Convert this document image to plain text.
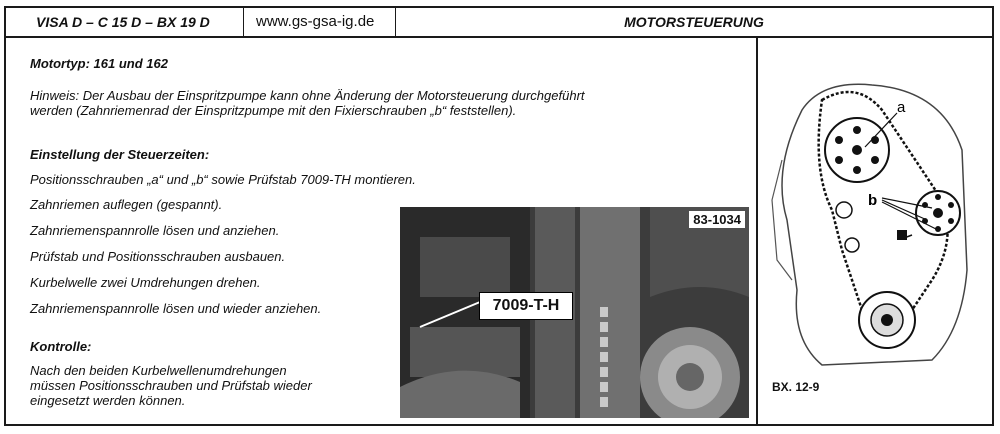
VISA D – C 15 D – BX 19 D	www.gs-gsa-ig.de	MOTORSTEUERUNG
Motortyp: 161 und 162
Hinweis: Der Ausbau der Einspritzpumpe kann ohne Änderung der Motorsteuerung durchgeführt
werden (Zahnriemenrad der Einspritzpumpe mit den Fixierschrauben „b“ feststellen).
Einstellung der Steuerzeiten:
Positionsschrauben „a“ und „b“ sowie Prüfstab 7009-TH montieren.
Zahnriemen auflegen (gespannt).
Zahnriemenspannrolle lösen und anziehen.
Prüfstab und Positionsschrauben ausbauen.
Kurbelwelle zwei Umdrehungen drehen.
Zahnriemenspannrolle lösen und wieder anziehen.
Kontrolle:
Nach den beiden Kurbelwellenumdrehungen
müssen Positionsschrauben und Prüfstab wieder
eingesetzt werden können.
83-1034
7009-T-H
a
b
BX. 12-9
